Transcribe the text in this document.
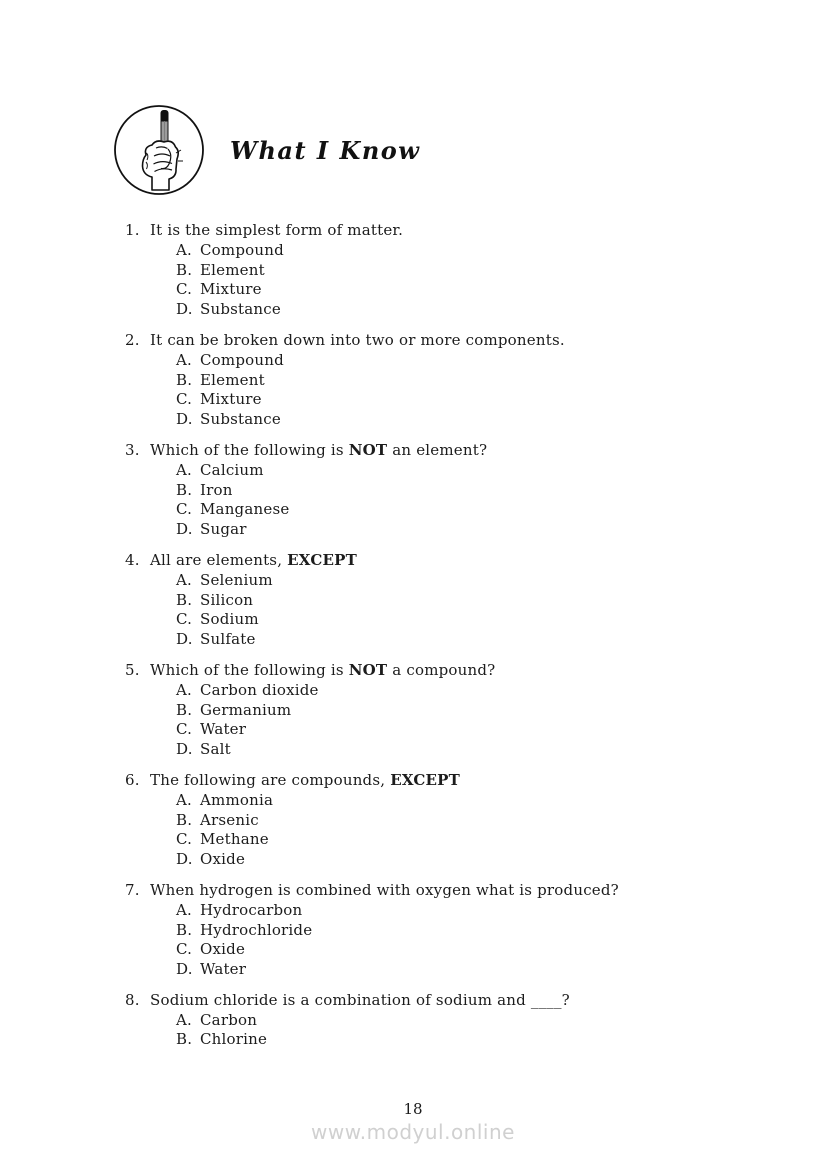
What I Know
1. It is the simplest form of matter.
A. Compound
B. Element
C. Mixture
D. Substance
2. It can be broken down into two or more components.
A. Compound
B. Element
C. Mixture
D. Substance
3. Which of the following is NOT an element?
A. Calcium
B. Iron
C. Manganese
D. Sugar
4. All are elements, EXCEPT
A. Selenium
B. Silicon
C. Sodium
D. Sulfate
5. Which of the following is NOT a compound?
A. Carbon dioxide
B. Germanium
C. Water
D. Salt
6. The following are compounds, EXCEPT
A. Ammonia
B. Arsenic
C. Methane
D. Oxide
7. When hydrogen is combined with oxygen what is produced?
A. Hydrocarbon
B. Hydrochloride
C. Oxide
D. Water
8. Sodium chloride is a combination of sodium and ____?
A. Carbon
B. Chlorine
18
www.modyul.online
